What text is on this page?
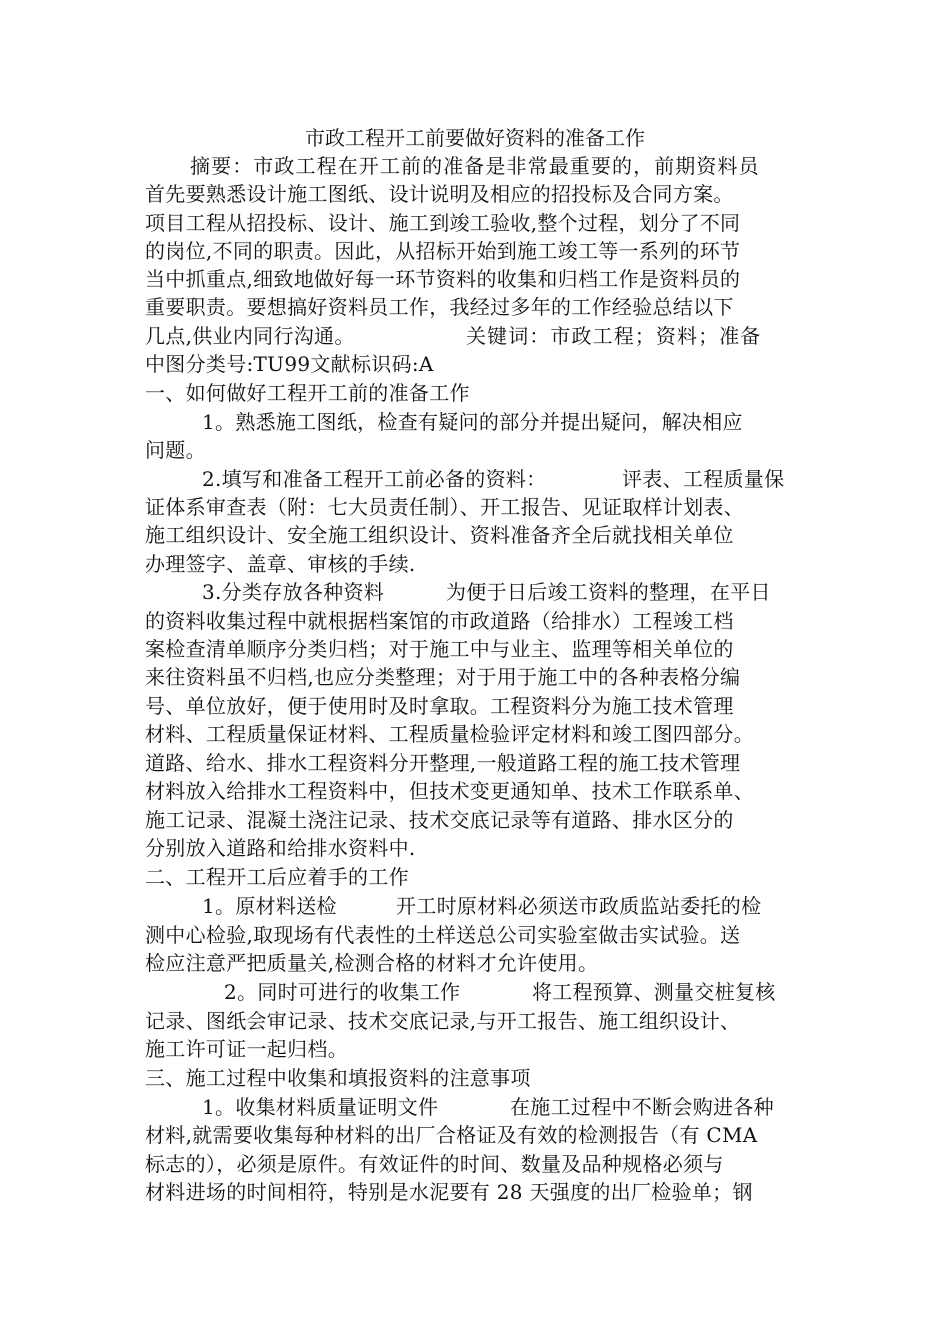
市政工程开工前要做好资料的准备工作
摘要：市政工程在开工前的准备是非常最重要的，前期资料员
首先要熟悉设计施工图纸、设计说明及相应的招投标及合同方案。
项目工程从招投标、设计、施工到竣工验收,整个过程，划分了不同
的岗位,不同的职责。因此，从招标开始到施工竣工等一系列的环节
当中抓重点,细致地做好每一环节资料的收集和归档工作是资料员的
重要职责。要想搞好资料员工作，我经过多年的工作经验总结以下
几点,供业内同行沟通。	关键词：市政工程；资料；准备
中图分类号:TU99文献标识码:A
一、如何做好工程开工前的准备工作
1。熟悉施工图纸，检查有疑问的部分并提出疑问，解决相应
问题。
2.填写和准备工程开工前必备的资料：	评表、工程质量保
证体系审查表（附：七大员责任制）、开工报告、见证取样计划表、
施工组织设计、安全施工组织设计、资料准备齐全后就找相关单位
办理签字、盖章、审核的手续.
3.分类存放各种资料	为便于日后竣工资料的整理，在平日
的资料收集过程中就根据档案馆的市政道路（给排水）工程竣工档
案检查清单顺序分类归档；对于施工中与业主、监理等相关单位的
来往资料虽不归档,也应分类整理；对于用于施工中的各种表格分编
号、单位放好，便于使用时及时拿取。工程资料分为施工技术管理
材料、工程质量保证材料、工程质量检验评定材料和竣工图四部分。
道路、给水、排水工程资料分开整理,一般道路工程的施工技术管理
材料放入给排水工程资料中，但技术变更通知单、技术工作联系单、
施工记录、混凝土浇注记录、技术交底记录等有道路、排水区分的
分别放入道路和给排水资料中.
二、工程开工后应着手的工作
1。原材料送检	开工时原材料必须送市政质监站委托的检
测中心检验,取现场有代表性的土样送总公司实验室做击实试验。送
检应注意严把质量关,检测合格的材料才允许使用。
2。同时可进行的收集工作	将工程预算、测量交桩复核
记录、图纸会审记录、技术交底记录,与开工报告、施工组织设计、
施工许可证一起归档。
三、施工过程中收集和填报资料的注意事项
1。收集材料质量证明文件	在施工过程中不断会购进各种
材料,就需要收集每种材料的出厂合格证及有效的检测报告（有 CMA
标志的），必须是原件。有效证件的时间、数量及品种规格必须与
材料进场的时间相符，特别是水泥要有 28 天强度的出厂检验单；钢
